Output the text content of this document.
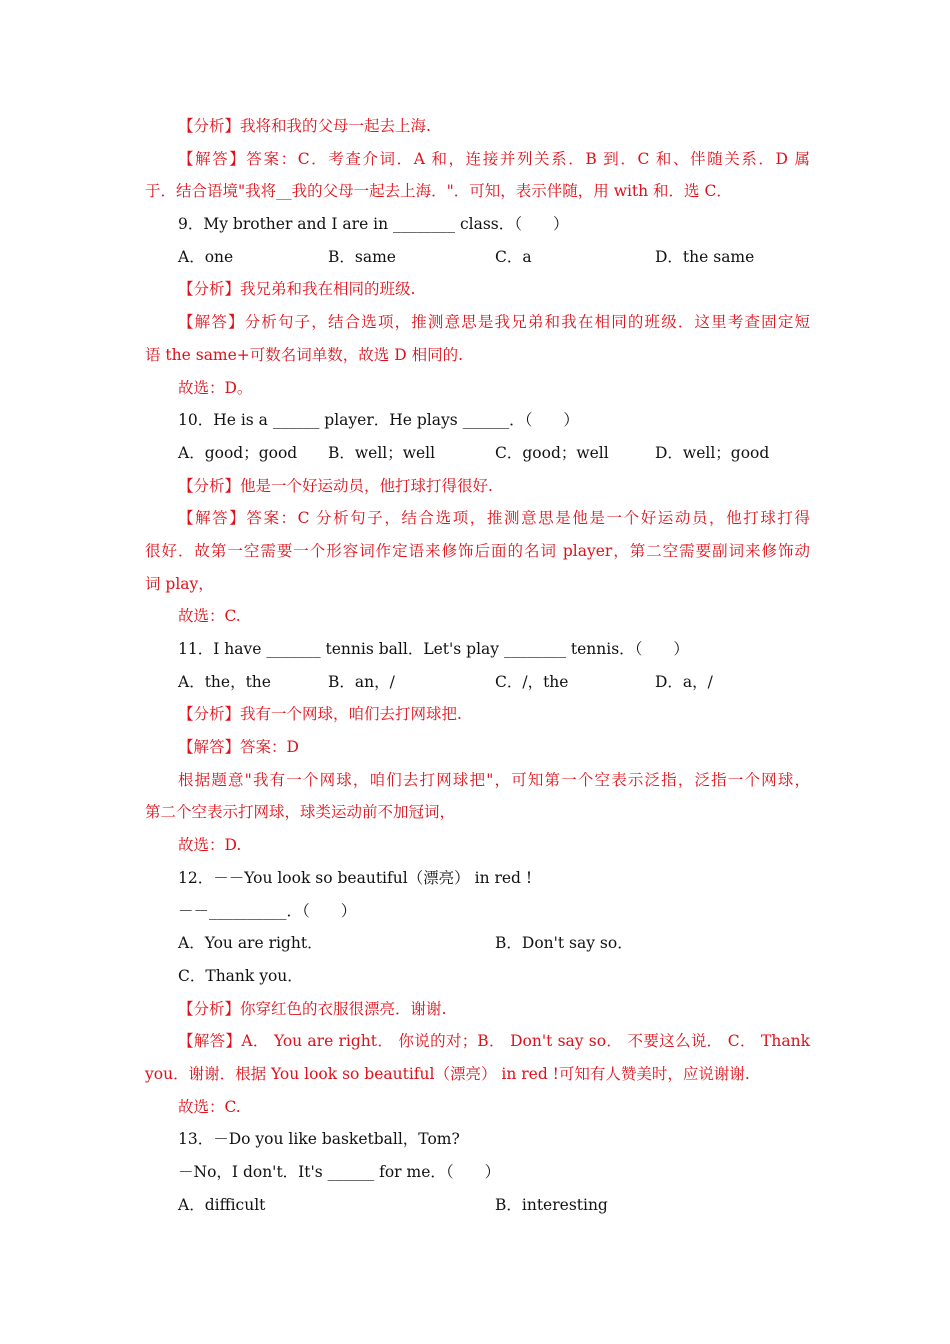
【分析】我将和我的父母一起去上海.
【解答】答案：C．考查介词．A 和，连接并列关系．B 到．C 和、伴随关系．D 属
于．结合语境"我将__我的父母一起去上海．"．可知，表示伴随，用 with 和．选 C．
9．My brother and I are in ________ class．（　　）
A．one	B．same	C．a	D．the same
【分析】我兄弟和我在相同的班级.
【解答】分析句子，结合选项，推测意思是我兄弟和我在相同的班级．这里考查固定短
语 the same+可数名词单数，故选 D 相同的.
故选：D。
10．He is a ______ player．He plays ______．（　　）
A．good；good B．well；well	C．good；well	D．well；good
【分析】他是一个好运动员，他打球打得很好.
【解答】答案：C 分析句子，结合选项，推测意思是他是一个好运动员，他打球打得
很好．故第一空需要一个形容词作定语来修饰后面的名词 player，第二空需要副词来修饰动
词 play，
故选：C.
11．I have _______ tennis ball．Let's play ________ tennis．（　　）
A．the，the	B．an，/	C．/，the	D．a，/
【分析】我有一个网球，咱们去打网球把.
【解答】答案：D
根据题意"我有一个网球，咱们去打网球把"，可知第一个空表示泛指，泛指一个网球，
第二个空表示打网球，球类运动前不加冠词，
故选：D.
12．－－You look so beautiful（漂亮） in red !
－－__________．（　　）
A．You are right．	B．Don't say so．
C．Thank you．
【分析】你穿红色的衣服很漂亮．谢谢.
【解答】A． You are right． 你说的对；B． Don't say so． 不要这么说． C． Thank
you．谢谢．根据 You look so beautiful（漂亮） in red !可知有人赞美时，应说谢谢.
故选：C.
13．－Do you like basketball，Tom?
－No，I don't．It's ______ for me．（　　）
A．difficult	B．interesting
